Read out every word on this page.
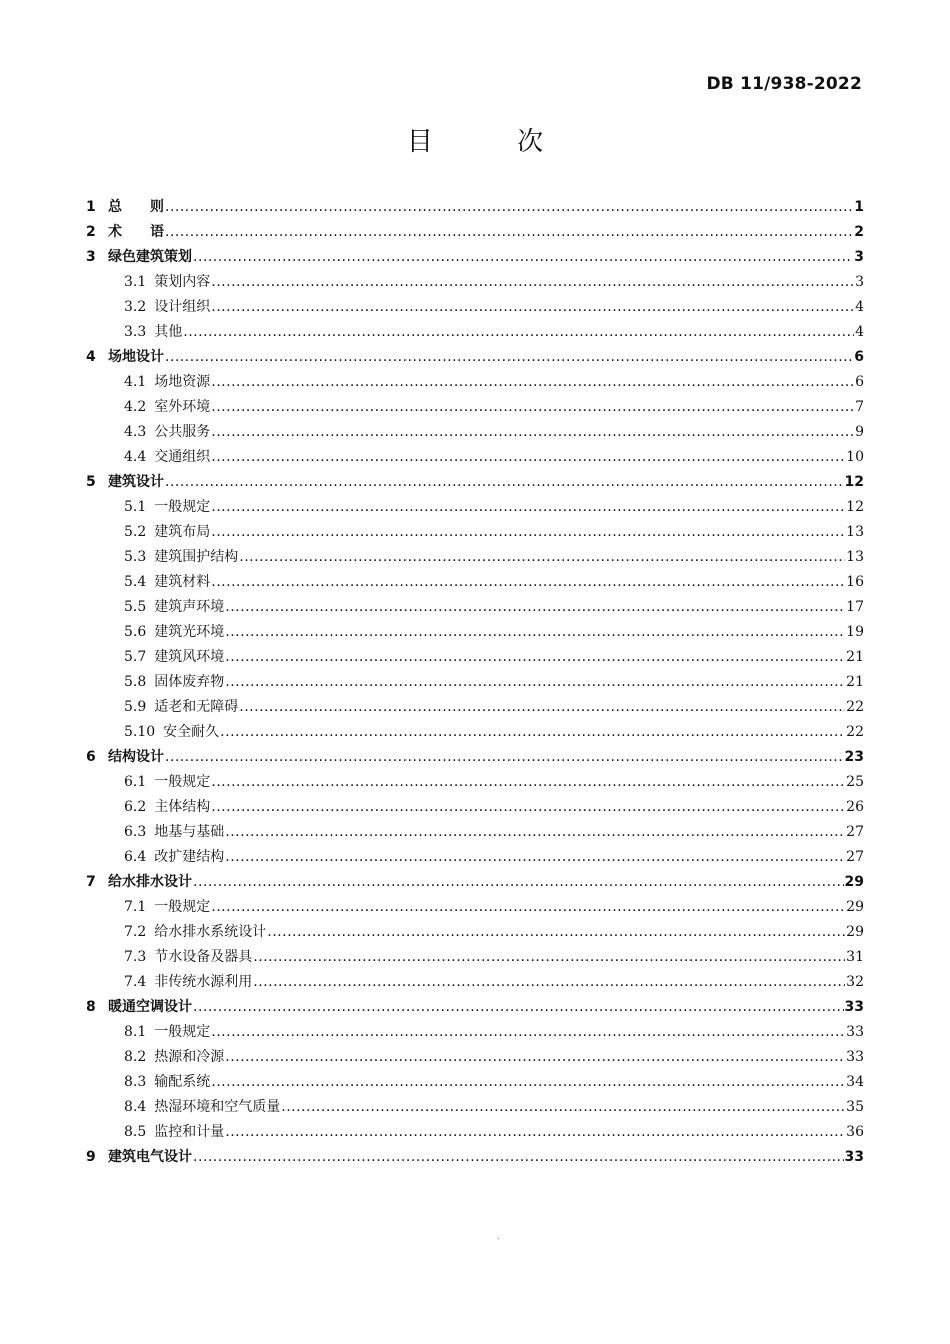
DB 11/938-2022
目 次
1 总　　则 .....	1
2 术　　语 .....	2
3 绿色建筑策划 .....	3
3.1 策划内容 .....	3
3.2 设计组织 .....	4
3.3 其他 .....	4
4 场地设计 .....	6
4.1 场地资源 .....	6
4.2 室外环境 .....	7
4.3 公共服务 .....	9
4.4 交通组织 .....	10
5 建筑设计 .....	12
5.1 一般规定 .....	12
5.2 建筑布局 .....	13
5.3 建筑围护结构 .....	13
5.4 建筑材料 .....	16
5.5 建筑声环境 .....	17
5.6 建筑光环境 .....	19
5.7 建筑风环境 .....	21
5.8 固体废弃物 .....	21
5.9 适老和无障碍 .....	22
5.10 安全耐久 .....	22
6 结构设计 .....	23
6.1 一般规定 .....	25
6.2 主体结构 .....	26
6.3 地基与基础 .....	27
6.4 改扩建结构 .....	27
7 给水排水设计 .....	29
7.1 一般规定 .....	29
7.2 给水排水系统设计 .....	29
7.3 节水设备及器具 .....	31
7.4 非传统水源利用 .....	32
8 暖通空调设计 .....	33
8.1 一般规定 .....	33
8.2 热源和冷源 .....	33
8.3 输配系统 .....	34
8.4 热湿环境和空气质量 .....	35
8.5 监控和计量 .....	36
9 建筑电气设计 .....	33
.
